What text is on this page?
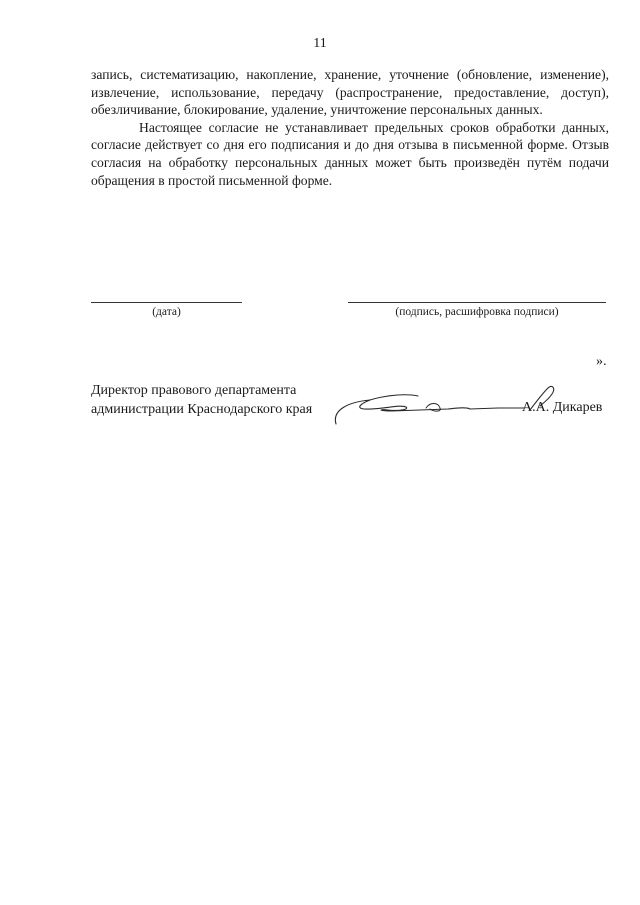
11

запись, систематизацию, накопление, хранение, уточнение (обновление, изменение), извлечение, использование, передачу (распространение, предоставление, доступ), обезличивание, блокирование, удаление, уничтожение персональных данных.

Настоящее согласие не устанавливает предельных сроков обработки данных, согласие действует со дня его подписания и до дня отзыва в письменной форме. Отзыв согласия на обработку персональных данных может быть произведён путём подачи обращения в простой письменной форме.

(дата)	(подпись, расшифровка подписи)
».
Директор правового департамента
администрации Краснодарского края	А.А. Дикарев
